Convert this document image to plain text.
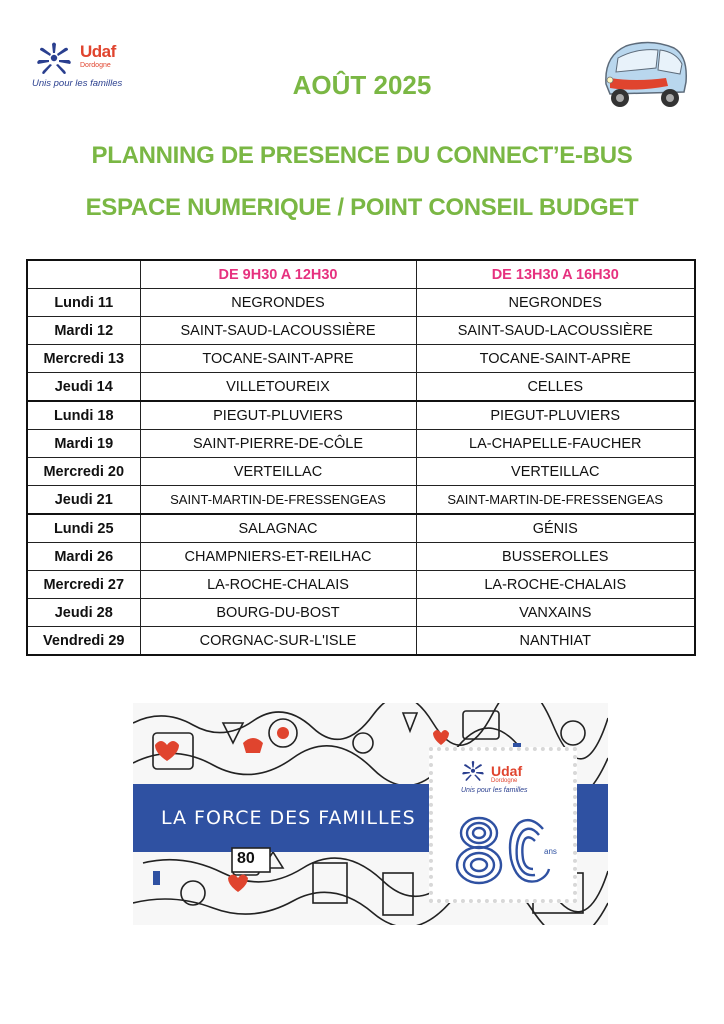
Udaf
Dordogne
Unis pour les familles	AOÛT 2025
PLANNING DE PRESENCE DU CONNECT’E-BUS
ESPACE NUMERIQUE / POINT CONSEIL BUDGET
	DE 9H30 A 12H30	DE 13H30 A 16H30
Lundi 11	NEGRONDES	NEGRONDES
Mardi 12	SAINT-SAUD-LACOUSSIÈRE	SAINT-SAUD-LACOUSSIÈRE
Mercredi 13	TOCANE-SAINT-APRE	TOCANE-SAINT-APRE
Jeudi 14	VILLETOUREIX	CELLES
Lundi 18	PIEGUT-PLUVIERS	PIEGUT-PLUVIERS
Mardi 19	SAINT-PIERRE-DE-CÔLE	LA-CHAPELLE-FAUCHER
Mercredi 20	VERTEILLAC	VERTEILLAC
Jeudi 21	SAINT-MARTIN-DE-FRESSENGEAS	SAINT-MARTIN-DE-FRESSENGEAS
Lundi 25	SALAGNAC	GÉNIS
Mardi 26	CHAMPNIERS-ET-REILHAC	BUSSEROLLES
Mercredi 27	LA-ROCHE-CHALAIS	LA-ROCHE-CHALAIS
Jeudi 28	BOURG-DU-BOST	VANXAINS
Vendredi 29	CORGNAC-SUR-L'ISLE	NANTHIAT
80
LA FORCE DES FAMILLES
Udaf
Dordogne
Unis pour les familles
ans
